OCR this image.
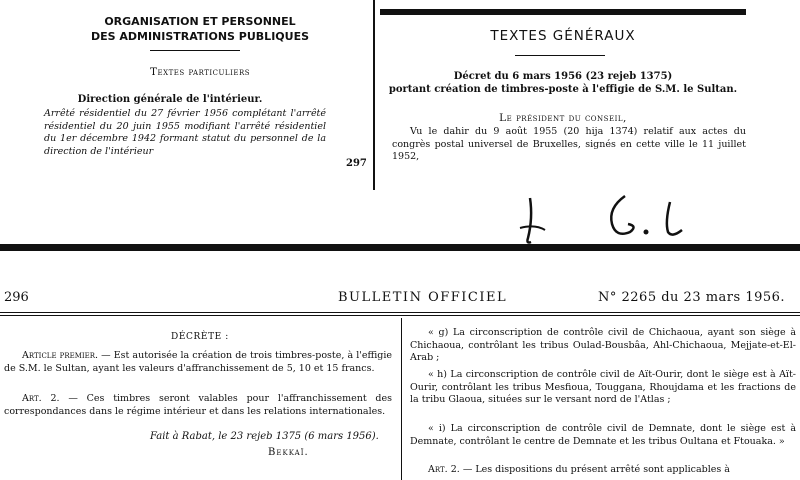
ORGANISATION ET PERSONNEL
DES ADMINISTRATIONS PUBLIQUES
Textes particuliers
Direction générale de l'intérieur.
Arrêté résidentiel du 27 février 1956 complétant l'arrêté résidentiel du 20 juin 1955 modifiant l'arrêté résidentiel du 1er décembre 1942 formant statut du personnel de la direction de l'intérieur
297
TEXTES GÉNÉRAUX
Décret du 6 mars 1956 (23 rejeb 1375)
portant création de timbres-poste à l'effigie de S.M. le Sultan.
Le président du conseil,
Vu le dahir du 9 août 1955 (20 hija 1374) relatif aux actes du congrès postal universel de Bruxelles, signés en cette ville le 11 juillet 1952,
296	BULLETIN OFFICIEL	N° 2265 du 23 mars 1956.
DÉCRÈTE :
Article premier. — Est autorisée la création de trois timbres-poste, à l'effigie de S.M. le Sultan, ayant les valeurs d'affranchissement de 5, 10 et 15 francs.
Art. 2. — Ces timbres seront valables pour l'affranchissement des correspondances dans le régime intérieur et dans les relations internationales.
Fait à Rabat, le 23 rejeb 1375 (6 mars 1956).
Bekkaï.
« g) La circonscription de contrôle civil de Chichaoua, ayant son siège à Chichaoua, contrôlant les tribus Oulad-Bousbâa, Ahl-Chichaoua, Mejjate-et-El-Arab ;
« h) La circonscription de contrôle civil de Aït-Ourir, dont le siège est à Aït-Ourir, contrôlant les tribus Mesfioua, Touggana, Rhoujdama et les fractions de la tribu Glaoua, situées sur le versant nord de l'Atlas ;
« i) La circonscription de contrôle civil de Demnate, dont le siège est à Demnate, contrôlant le centre de Demnate et les tribus Oultana et Ftouaka. »
Art. 2. — Les dispositions du présent arrêté sont applicables à
